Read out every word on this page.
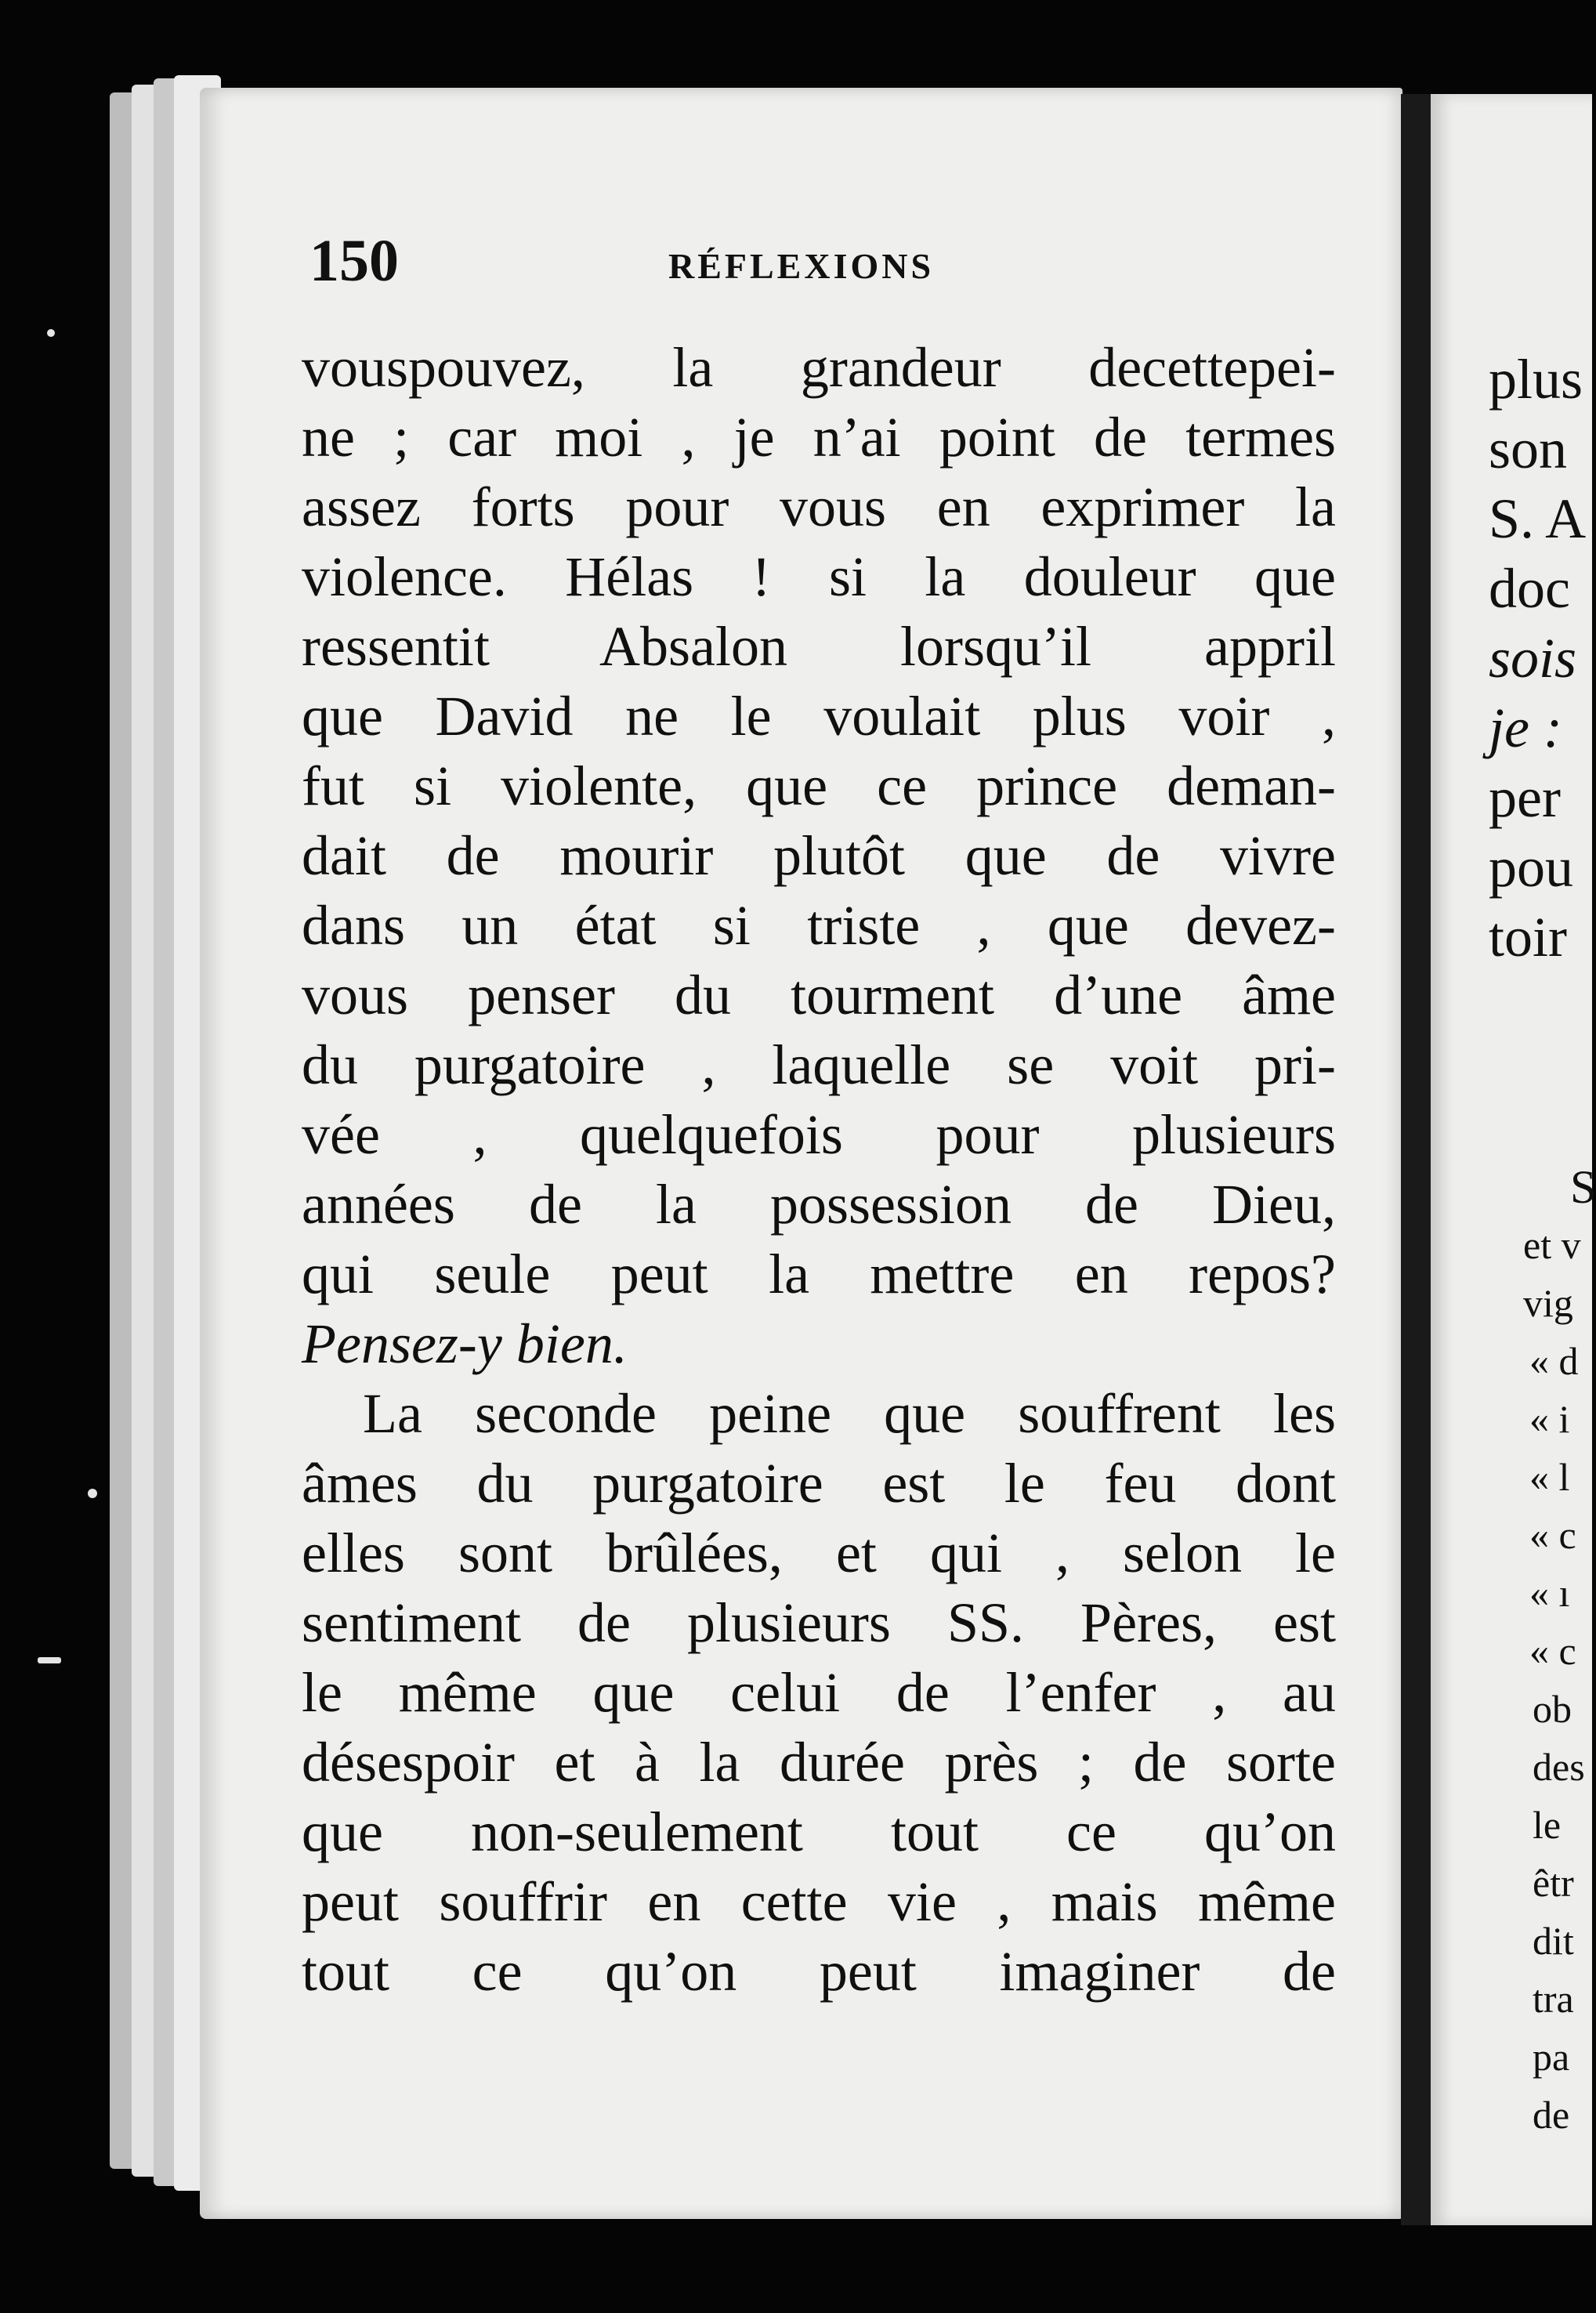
150	RÉFLEXIONS
vouspouvez, la grandeur decettepei-
ne ; car moi , je n’ai point de termes
assez forts pour vous en exprimer la
violence. Hélas ! si la douleur que
ressentit Absalon lorsqu’il appril
que David ne le voulait plus voir ,
fut si violente, que ce prince deman-
dait de mourir plutôt que de vivre
dans un état si triste , que devez-
vous penser du tourment d’une âme
du purgatoire , laquelle se voit pri-
vée , quelquefois pour plusieurs
années de la possession de Dieu,
qui seule peut la mettre en repos?
Pensez-y bien.
La seconde peine que souffrent les
âmes du purgatoire est le feu dont
elles sont brûlées, et qui , selon le
sentiment de plusieurs SS. Pères, est
le même que celui de l’enfer , au
désespoir et à la durée près ; de sorte
que non-seulement tout ce qu’on
peut souffrir en cette vie , mais même
tout ce qu’on peut imaginer de
plus
son
S. A
doc
sois
je :
per
pou
toir
S
et v
vig
« d
« i
« l
« c
« ı
« c
ob
des
le
êtr
dit
tra
pa
de
